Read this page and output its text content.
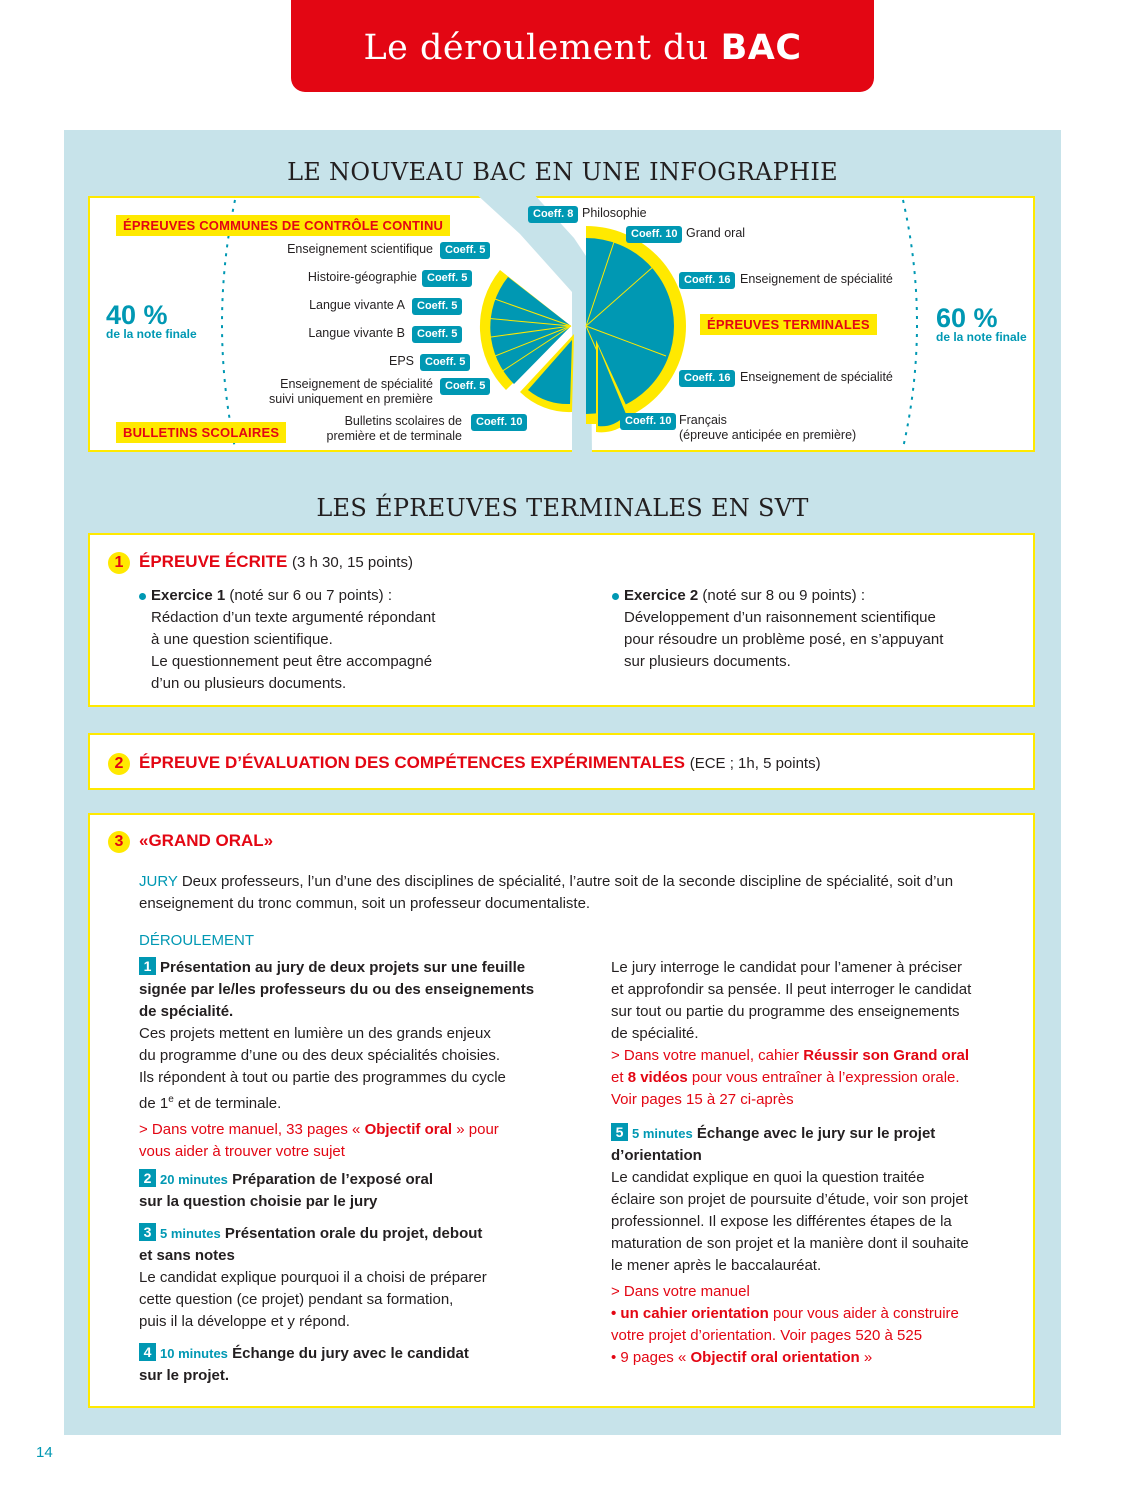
Le déroulement du BAC
LE NOUVEAU BAC EN UNE INFOGRAPHIE
ÉPREUVES COMMUNES DE CONTRÔLE CONTINU
BULLETINS SCOLAIRES
40 %
de la note finale
Enseignement scientifique	Coeff. 5
Histoire-géographie Coeff. 5
Langue vivante A	Coeff. 5
Langue vivante B	Coeff. 5
EPS	Coeff. 5
Enseignement de spécialité
suivi uniquement en première
Coeff. 5
Bulletins scolaires de
première et de terminale
Coeff. 10
Coeff. 8 Philosophie
Coeff. 10 Grand oral
Coeff. 16 Enseignement de spécialité
ÉPREUVES TERMINALES
Coeff. 16 Enseignement de spécialité
Coeff. 10 Français
(épreuve anticipée en première)
60 %
de la note finale
LES ÉPREUVES TERMINALES EN SVT
1 ÉPREUVE ÉCRITE (3 h 30, 15 points)
Exercice 1 (noté sur 6 ou 7 points) :
Rédaction d’un texte argumenté répondant
à une question scientifique.
Le questionnement peut être accompagné
d’un ou plusieurs documents.
Exercice 2 (noté sur 8 ou 9 points) :
Développement d’un raisonnement scientifique
pour résoudre un problème posé, en s’appuyant
sur plusieurs documents.
2 ÉPREUVE D’ÉVALUATION DES COMPÉTENCES EXPÉRIMENTALES (ECE ; 1h, 5 points)
3 «GRAND ORAL»
JURY Deux professeurs, l’un d’une des disciplines de spécialité, l’autre soit de la seconde discipline de spécialité, soit d’un
enseignement du tronc commun, soit un professeur documentaliste.
DÉROULEMENT
1 Présentation au jury de deux projets sur une feuille
signée par le/les professeurs du ou des enseignements
de spécialité.
Ces projets mettent en lumière un des grands enjeux
du programme d’une ou des deux spécialités choisies.
Ils répondent à tout ou partie des programmes du cycle
de 1e et de terminale.
> Dans votre manuel, 33 pages « Objectif oral » pour
vous aider à trouver votre sujet
2 20 minutes Préparation de l’exposé oral
sur la question choisie par le jury
3 5 minutes Présentation orale du projet, debout
et sans notes
Le candidat explique pourquoi il a choisi de préparer
cette question (ce projet) pendant sa formation,
puis il la développe et y répond.
4 10 minutes Échange du jury avec le candidat
sur le projet.
Le jury interroge le candidat pour l’amener à préciser
et approfondir sa pensée. Il peut interroger le candidat
sur tout ou partie du programme des enseignements
de spécialité.
> Dans votre manuel, cahier Réussir son Grand oral
et 8 vidéos pour vous entraîner à l’expression orale.
Voir pages 15 à 27 ci-après
5 5 minutes Échange avec le jury sur le projet
d’orientation
Le candidat explique en quoi la question traitée
éclaire son projet de poursuite d’étude, voir son projet
professionnel. Il expose les différentes étapes de la
maturation de son projet et la manière dont il souhaite
le mener après le baccalauréat.
> Dans votre manuel
• un cahier orientation pour vous aider à construire
votre projet d’orientation. Voir pages 520 à 525
• 9 pages « Objectif oral orientation »
14
